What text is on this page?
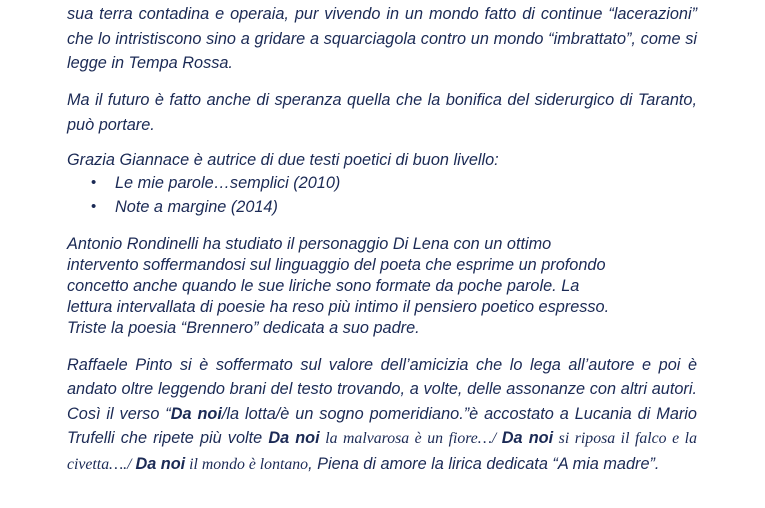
sua terra contadina e operaia, pur vivendo in un mondo fatto di continue “lacerazioni” che lo intristiscono sino a gridare a squarciagola contro un mondo “imbrattato”, come si legge in Tempa Rossa.

Ma il futuro è fatto anche di speranza quella che la bonifica del siderurgico di Taranto, può portare.

Grazia Giannace è autrice di due testi poetici di buon livello:

• Le mie parole…semplici (2010)
• Note a margine (2014)
Antonio Rondinelli ha studiato il personaggio Di Lena con un ottimo
intervento soffermandosi sul linguaggio del poeta che esprime un profondo
concetto anche quando le sue liriche sono formate da poche parole. La
lettura intervallata di poesie ha reso più intimo il pensiero poetico espresso.
Triste la poesia “Brennero” dedicata a suo padre.

Raffaele Pinto si è soffermato sul valore dell’amicizia che lo lega all’autore e poi è andato oltre leggendo brani del testo trovando, a volte, delle assonanze con altri autori. Così il verso “Da noi/la lotta/è un sogno pomeridiano.”è accostato a Lucania di Mario Trufelli che ripete più volte Da noi la malvarosa è un fiore…/ Da noi si riposa il falco e la civetta…./ Da noi il mondo è lontano, Piena di amore la lirica dedicata “A mia madre”.
